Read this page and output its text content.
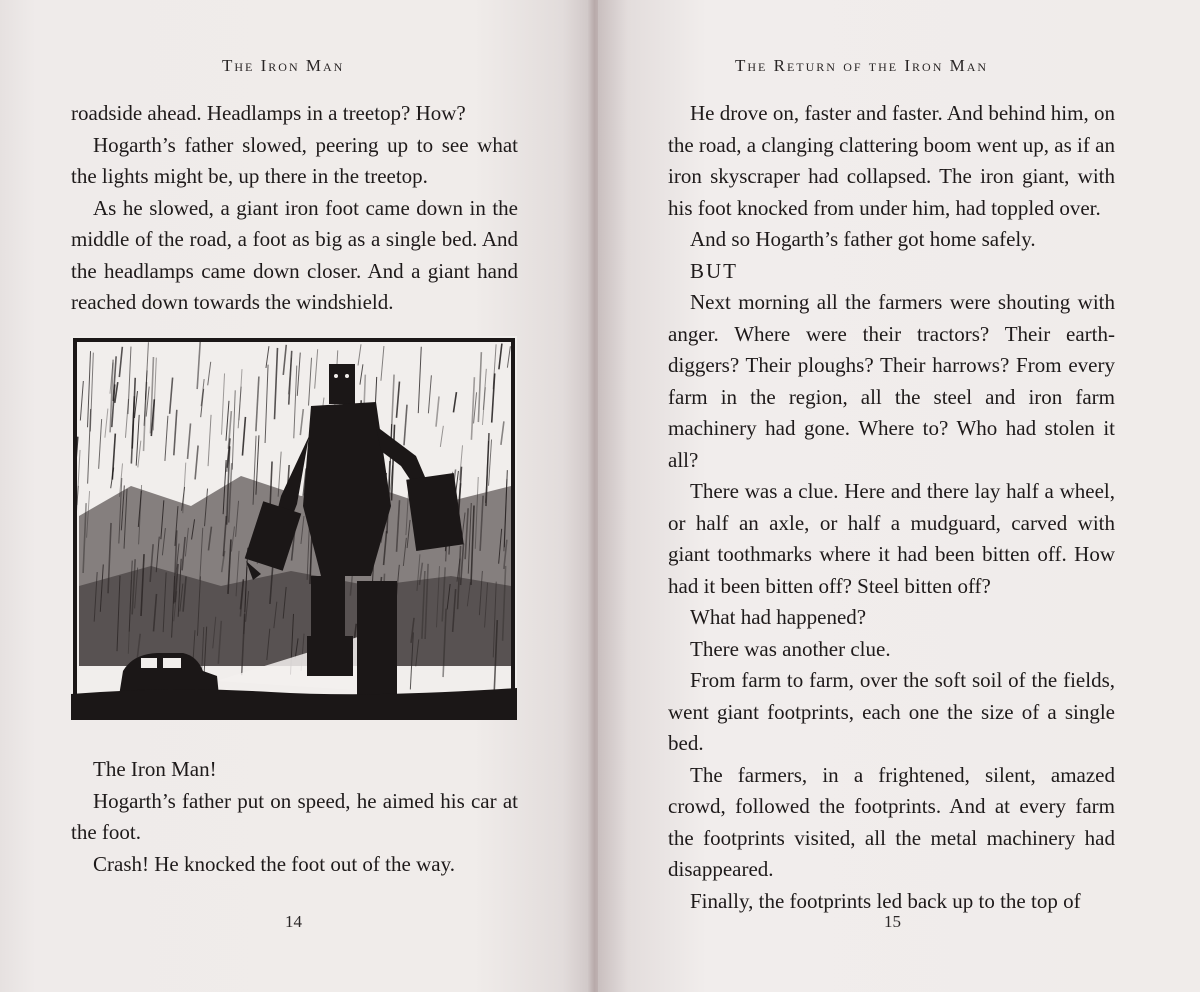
The Iron Man

roadside ahead. Headlamps in a treetop? How?

Hogarth’s father slowed, peering up to see what the lights might be, up there in the treetop.

As he slowed, a giant iron foot came down in the middle of the road, a foot as big as a single bed. And the headlamps came down closer. And a giant hand reached down towards the windshield.

The Iron Man!

Hogarth’s father put on speed, he aimed his car at the foot.

Crash! He knocked the foot out of the way.

14
The Return of the Iron Man

He drove on, faster and faster. And behind him, on the road, a clanging clattering boom went up, as if an iron skyscraper had collapsed. The iron giant, with his foot knocked from under him, had toppled over.

And so Hogarth’s father got home safely.

BUT

Next morning all the farmers were shouting with anger. Where were their tractors? Their earth-diggers? Their ploughs? Their harrows? From every farm in the region, all the steel and iron farm machinery had gone. Where to? Who had stolen it all?

There was a clue. Here and there lay half a wheel, or half an axle, or half a mudguard, carved with giant toothmarks where it had been bitten off. How had it been bitten off? Steel bitten off?

What had happened?

There was another clue.

From farm to farm, over the soft soil of the fields, went giant footprints, each one the size of a single bed.

The farmers, in a frightened, silent, amazed crowd, followed the footprints. And at every farm the footprints visited, all the metal machinery had disappeared.

Finally, the footprints led back up to the top of

15
